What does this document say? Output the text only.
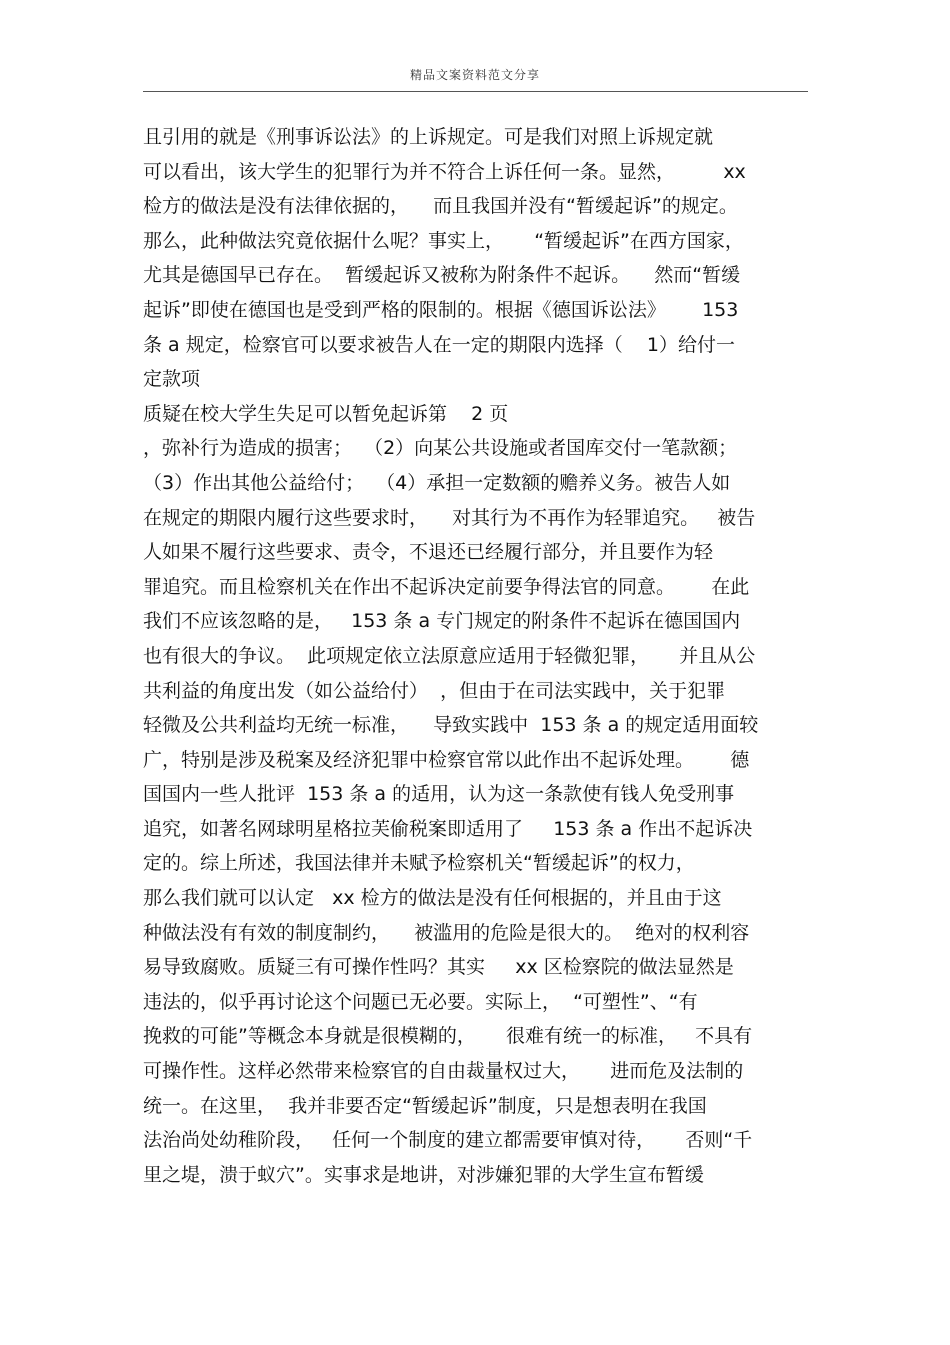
精品文案资料范文分享
且引用的就是《刑事诉讼法》的上诉规定。可是我们对照上诉规定就
可以看出，该大学生的犯罪行为并不符合上诉任何一条。显然，        xx
检方的做法是没有法律依据的，    而且我国并没有“暂缓起诉”的规定。
那么，此种做法究竟依据什么呢？事实上，     “暂缓起诉”在西方国家，
尤其是德国早已存在。  暂缓起诉又被称为附条件不起诉。    然而“暂缓
起诉”即使在德国也是受到严格的限制的。根据《德国诉讼法》      153
条 a 规定，检察官可以要求被告人在一定的期限内选择（    1）给付一
定款项
质疑在校大学生失足可以暂免起诉第    2 页
，弥补行为造成的损害；  （2）向某公共设施或者国库交付一笔款额；
（3）作出其他公益给付；  （4）承担一定数额的赡养义务。被告人如
在规定的期限内履行这些要求时，    对其行为不再作为轻罪追究。   被告
人如果不履行这些要求、责令，不退还已经履行部分，并且要作为轻
罪追究。而且检察机关在作出不起诉决定前要争得法官的同意。      在此
我们不应该忽略的是，   153 条 a 专门规定的附条件不起诉在德国国内
也有很大的争议。  此项规定依立法原意应适用于轻微犯罪，     并且从公
共利益的角度出发（如公益给付）  ，但由于在司法实践中，关于犯罪
轻微及公共利益均无统一标准，    导致实践中  153 条 a 的规定适用面较
广，特别是涉及税案及经济犯罪中检察官常以此作出不起诉处理。      德
国国内一些人批评  153 条 a 的适用，认为这一条款使有钱人免受刑事
追究，如著名网球明星格拉芙偷税案即适用了     153 条 a 作出不起诉决
定的。综上所述，我国法律并未赋予检察机关“暂缓起诉”的权力，
那么我们就可以认定   xx 检方的做法是没有任何根据的，并且由于这
种做法没有有效的制度制约，    被滥用的危险是很大的。  绝对的权利容
易导致腐败。质疑三有可操作性吗？其实     xx 区检察院的做法显然是
违法的，似乎再讨论这个问题已无必要。实际上，  “可塑性”、“有
挽救的可能”等概念本身就是很模糊的，     很难有统一的标准，   不具有
可操作性。这样必然带来检察官的自由裁量权过大，     进而危及法制的
统一。在这里，  我并非要否定“暂缓起诉”制度，只是想表明在我国
法治尚处幼稚阶段，   任何一个制度的建立都需要审慎对待，     否则“千
里之堤，溃于蚁穴”。实事求是地讲，对涉嫌犯罪的大学生宣布暂缓
